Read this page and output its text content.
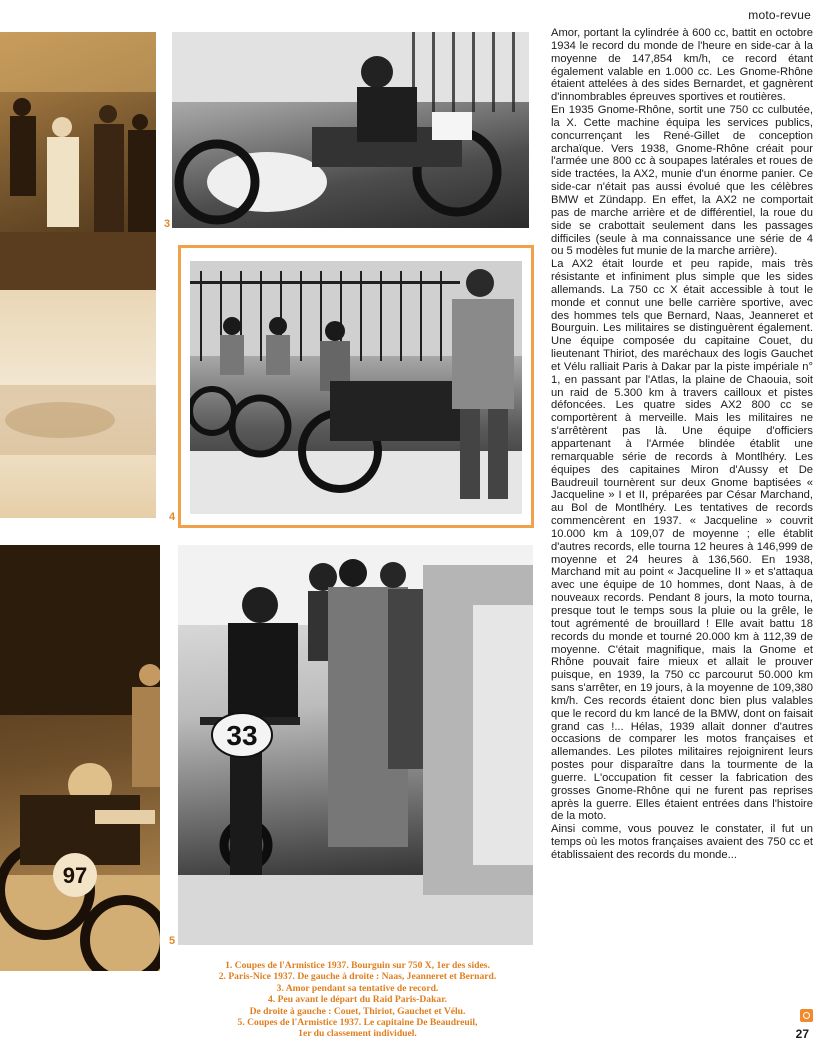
moto-revue
3
4
97
33
5
1. Coupes de l'Armistice 1937. Bourguin sur 750 X, 1er des sides.
2. Paris-Nice 1937. De gauche à droite : Naas, Jeanneret et Bernard.
3. Amor pendant sa tentative de record.
4. Peu avant le départ du Raid Paris-Dakar.
De droite à gauche : Couet, Thiriot, Gauchet et Vélu.
5. Coupes de l'Armistice 1937. Le capitaine De Beaudreuil,
1er du classement individuel.

Amor, portant la cylindrée à 600 cc, battit en octobre 1934 le record du monde de l'heure en side-car à la moyenne de 147,854 km/h, ce record étant également valable en 1.000 cc. Les Gnome-Rhône étaient attelées à des sides Bernardet, et gagnèrent d'innombrables épreuves sportives et routières.

En 1935 Gnome-Rhône, sortit une 750 cc culbutée, la X. Cette machine équipa les services publics, concurrençant les René-Gillet de conception archaïque. Vers 1938, Gnome-Rhône créait pour l'armée une 800 cc à soupapes latérales et roues de side tractées, la AX2, munie d'un énorme panier. Ce side-car n'était pas aussi évolué que les célèbres BMW et Zündapp. En effet, la AX2 ne comportait pas de marche arrière et de différentiel, la roue du side se crabottait seulement dans les passages difficiles (seule à ma connaissance une série de 4 ou 5 modèles fut munie de la marche arrière).

La AX2 était lourde et peu rapide, mais très résistante et infiniment plus simple que les sides allemands. La 750 cc X était accessible à tout le monde et connut une belle carrière sportive, avec des hommes tels que Bernard, Naas, Jeanneret et Bourguin. Les militaires se distinguèrent également. Une équipe composée du capitaine Couet, du lieutenant Thiriot, des maréchaux des logis Gauchet et Vélu ralliait Paris à Dakar par la piste impériale n° 1, en passant par l'Atlas, la plaine de Chaouia, soit un raid de 5.300 km à travers cailloux et pistes défoncées. Les quatre sides AX2 800 cc se comportèrent à merveille. Mais les militaires ne s'arrêtèrent pas là. Une équipe d'officiers appartenant à l'Armée blindée établit une remarquable série de records à Montlhéry. Les équipes des capitaines Miron d'Aussy et De Baudreuil tournèrent sur deux Gnome baptisées « Jacqueline » I et II, préparées par César Marchand, au Bol de Montlhéry. Les tentatives de records commencèrent en 1937. « Jacqueline » couvrit 10.000 km à 109,07 de moyenne ; elle établit d'autres records, elle tourna 12 heures à 146,999 de moyenne et 24 heures à 136,560. En 1938, Marchand mit au point « Jacqueline II » et s'attaqua avec une équipe de 10 hommes, dont Naas, à de nouveaux records. Pendant 8 jours, la moto tourna, presque tout le temps sous la pluie ou la grêle, le tout agrémenté de brouillard ! Elle avait battu 18 records du monde et tourné 20.000 km à 112,39 de moyenne. C'était magnifique, mais la Gnome et Rhône pouvait faire mieux et allait le prouver puisque, en 1939, la 750 cc parcourut 50.000 km sans s'arrêter, en 19 jours, à la moyenne de 109,380 km/h. Ces records étaient donc bien plus valables que le record du km lancé de la BMW, dont on faisait grand cas !... Hélas, 1939 allait donner d'autres occasions de comparer les motos françaises et allemandes. Les pilotes militaires rejoignirent leurs postes pour disparaître dans la tourmente de la guerre. L'occupation fit cesser la fabrication des grosses Gnome-Rhône qui ne furent pas reprises après la guerre. Elles étaient entrées dans l'histoire de la moto.

Ainsi comme, vous pouvez le constater, il fut un temps où les motos françaises avaient des 750 cc et établissaient des records du monde...

27
